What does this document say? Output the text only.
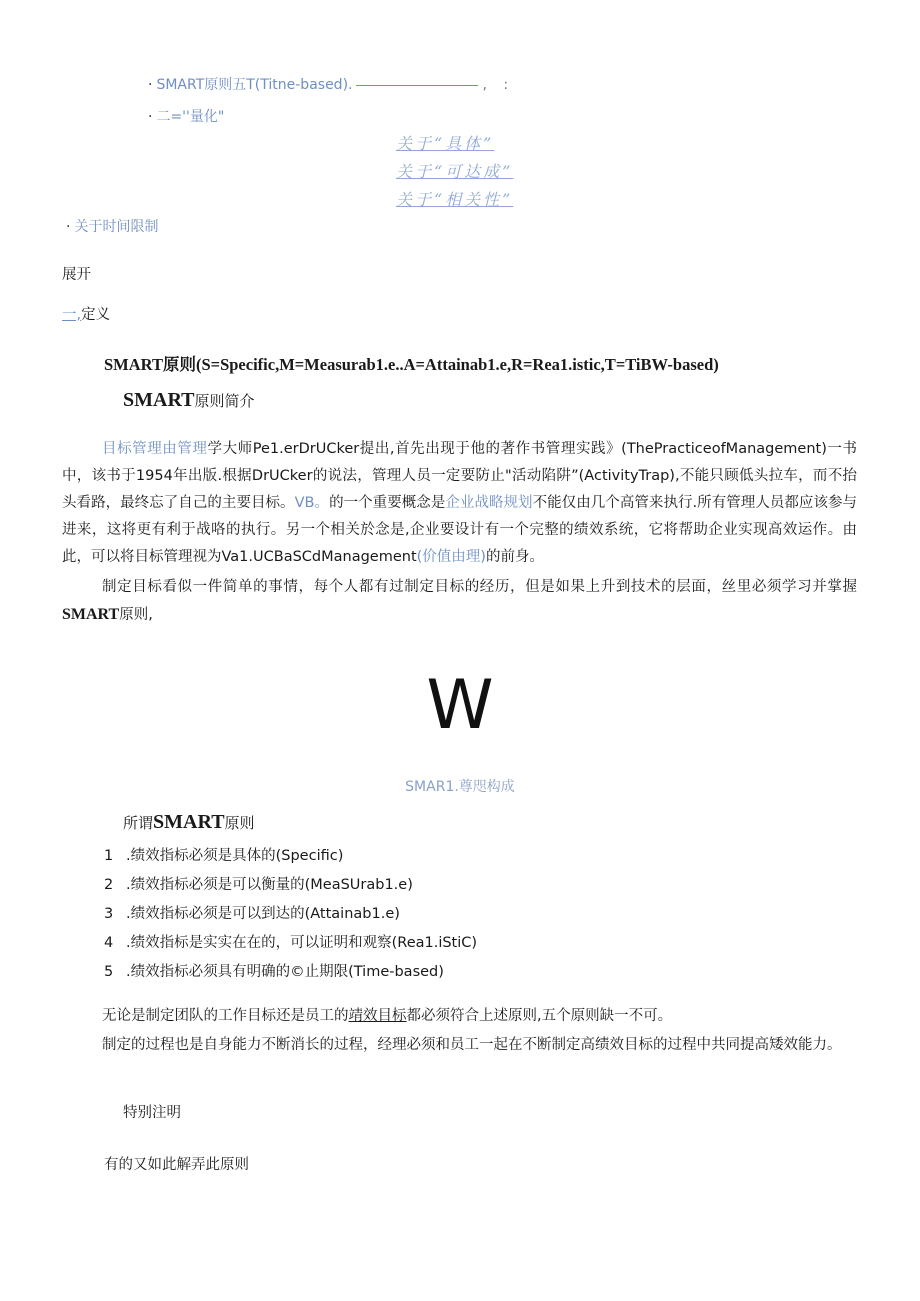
· SMART原则五T(Titne-based).	, :
· 二=''量化"
关于“具体”
关于“可达成”
关于“相关性”
· 关于时间限制
展开
一,定义
SMART原则(S=Specific,M=Measurab1.e..A=Attainab1.e,R=Rea1.istic,T=TiBW-based)
SMART原则简介

目标管理由管理学大师Pe1.erDrUCker提出,首先出现于他的著作书管理实践》(ThePracticeofManagement)一书中，该书于1954年出版.根据DrUCker的说法，管理人员一定要防止"活动陷阱”(ActivityTrap),不能只顾低头拉车，而不抬头看路，最终忘了自己的主要目标。VB。的一个重要概念是企业战略规划不能仅由几个高管来执行.所有管理人员都应该参与进来，这将更有利于战咯的执行。另一个相关於念是,企业要设计有一个完整的绩效系统，它将帮助企业实现高效运作。由此，可以将目标管理视为Va1.UCBaSCdManagement(价值由理)的前身。

制定目标看似一件简单的事情，每个人都有过制定目标的经历，但是如果上升到技术的层面，丝里必须学习并掌握SMART原则,

W
SMAR1.尊咫构成
所谓SMART原则
1 .绩效指标必须是具体的(Specific)
2 .绩效指标必须是可以衡量的(MeaSUrab1.e)
3 .绩效指标必须是可以到达的(Attainab1.e)
4 .绩效指标是实实在在的，可以证明和观察(Rea1.iStiC)
5 .绩效指标必须具有明确的©止期限(Time-based)

无论是制定团队的工作目标还是员工的靖效目标都必须符合上述原则,五个原则缺一不可。

制定的过程也是自身能力不断消长的过程，经理必须和员工一起在不断制定高绩效目标的过程中共同提高矮效能力。

特别注明
有的又如此解弄此原则
